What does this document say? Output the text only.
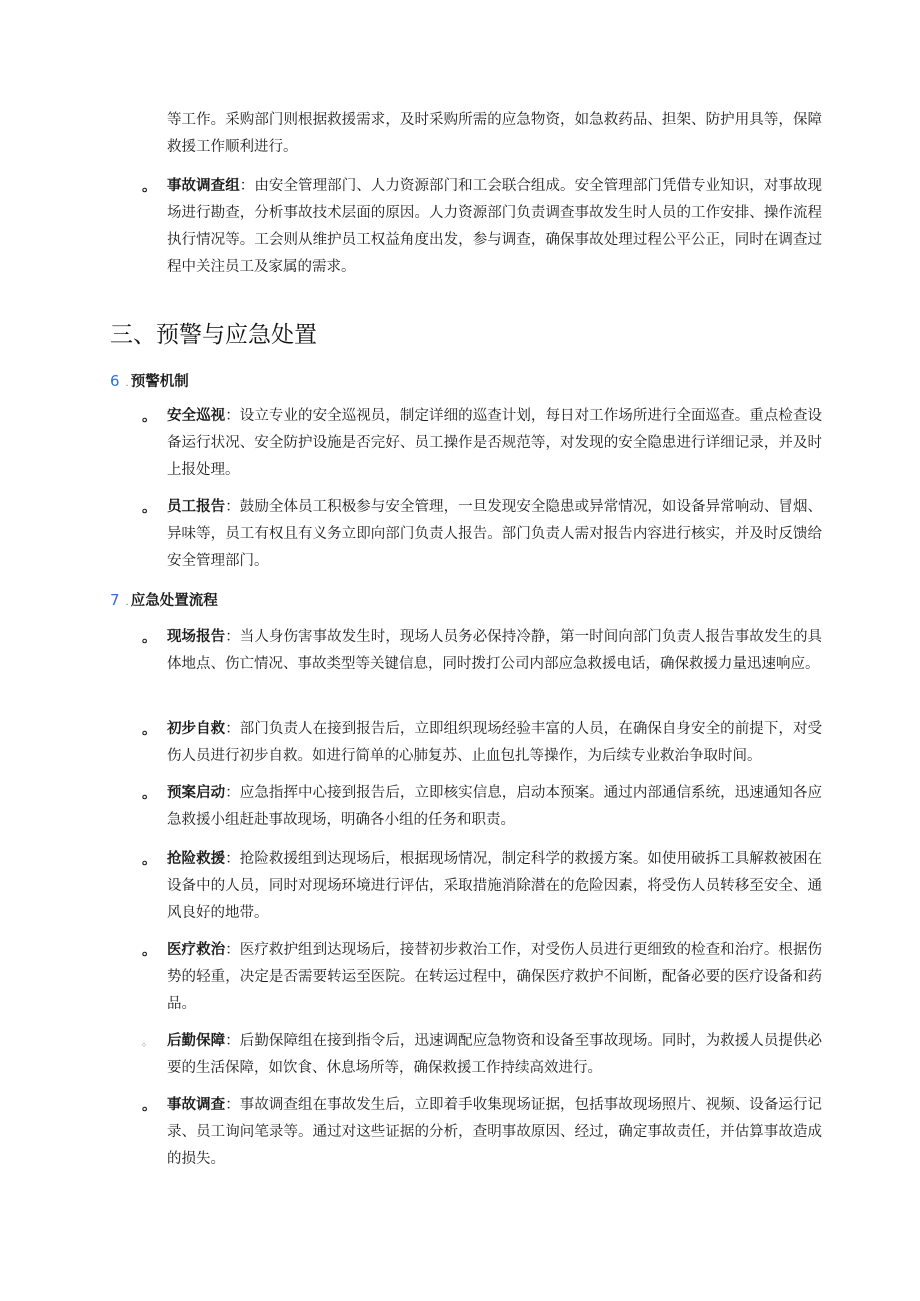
等工作。采购部门则根据救援需求，及时采购所需的应急物资，如急救药品、担架、防护用具等，保障救援工作顺利进行。
。 事故调查组：由安全管理部门、人力资源部门和工会联合组成。安全管理部门凭借专业知识，对事故现场进行勘查，分析事故技术层面的原因。人力资源部门负责调查事故发生时人员的工作安排、操作流程执行情况等。工会则从维护员工权益角度出发，参与调查，确保事故处理过程公平公正，同时在调查过程中关注员工及家属的需求。
三、预警与应急处置
6 . 预警机制
。 安全巡视：设立专业的安全巡视员，制定详细的巡查计划，每日对工作场所进行全面巡查。重点检查设备运行状况、安全防护设施是否完好、员工操作是否规范等，对发现的安全隐患进行详细记录，并及时上报处理。
。 员工报告：鼓励全体员工积极参与安全管理，一旦发现安全隐患或异常情况，如设备异常响动、冒烟、异味等，员工有权且有义务立即向部门负责人报告。部门负责人需对报告内容进行核实，并及时反馈给安全管理部门。
7 . 应急处置流程
。 现场报告：当人身伤害事故发生时，现场人员务必保持冷静，第一时间向部门负责人报告事故发生的具体地点、伤亡情况、事故类型等关键信息，同时拨打公司内部应急救援电话，确保救援力量迅速响应。
。 初步自救：部门负责人在接到报告后，立即组织现场经验丰富的人员，在确保自身安全的前提下，对受伤人员进行初步自救。如进行简单的心肺复苏、止血包扎等操作，为后续专业救治争取时间。
。 预案启动：应急指挥中心接到报告后，立即核实信息，启动本预案。通过内部通信系统，迅速通知各应急救援小组赶赴事故现场，明确各小组的任务和职责。
。 抢险救援：抢险救援组到达现场后，根据现场情况，制定科学的救援方案。如使用破拆工具解救被困在设备中的人员，同时对现场环境进行评估，采取措施消除潜在的危险因素，将受伤人员转移至安全、通风良好的地带。
。 医疗救治：医疗救护组到达现场后，接替初步救治工作，对受伤人员进行更细致的检查和治疗。根据伤势的轻重，决定是否需要转运至医院。在转运过程中，确保医疗救护不间断，配备必要的医疗设备和药品。
。 后勤保障：后勤保障组在接到指令后，迅速调配应急物资和设备至事故现场。同时，为救援人员提供必要的生活保障，如饮食、休息场所等，确保救援工作持续高效进行。
。 事故调查：事故调查组在事故发生后，立即着手收集现场证据，包括事故现场照片、视频、设备运行记录、员工询问笔录等。通过对这些证据的分析，查明事故原因、经过，确定事故责任，并估算事故造成的损失。
